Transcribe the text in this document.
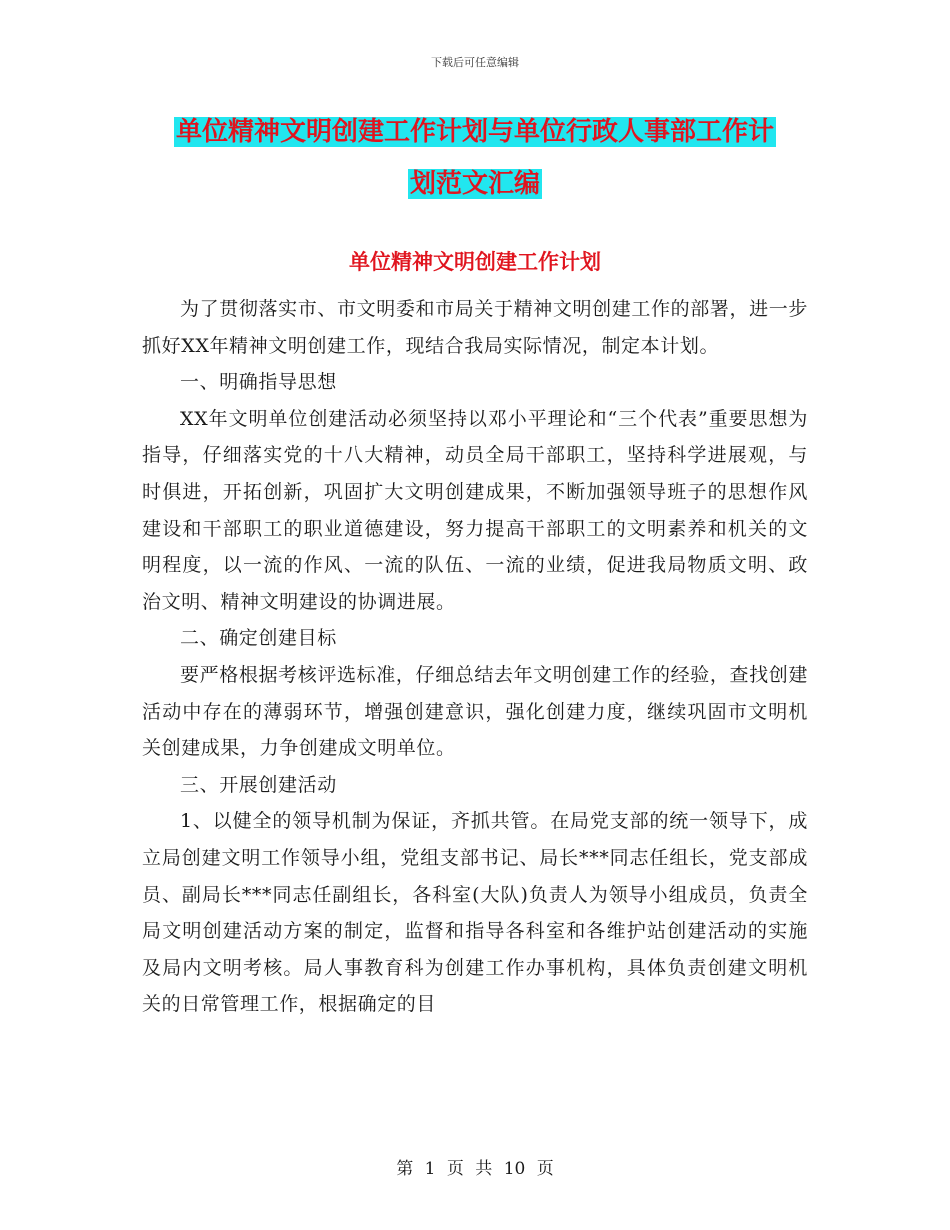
下载后可任意编辑
单位精神文明创建工作计划与单位行政人事部工作计
划范文汇编
单位精神文明创建工作计划

为了贯彻落实市、市文明委和市局关于精神文明创建工作的部署，进一步抓好XX年精神文明创建工作，现结合我局实际情况，制定本计划。

一、明确指导思想

XX年文明单位创建活动必须坚持以邓小平理论和“三个代表”重要思想为指导，仔细落实党的十八大精神，动员全局干部职工，坚持科学进展观，与时俱进，开拓创新，巩固扩大文明创建成果，不断加强领导班子的思想作风建设和干部职工的职业道德建设，努力提高干部职工的文明素养和机关的文明程度，以一流的作风、一流的队伍、一流的业绩，促进我局物质文明、政治文明、精神文明建设的协调进展。

二、确定创建目标

要严格根据考核评选标准，仔细总结去年文明创建工作的经验，查找创建活动中存在的薄弱环节，增强创建意识，强化创建力度，继续巩固市文明机关创建成果，力争创建成文明单位。

三、开展创建活动

1、以健全的领导机制为保证，齐抓共管。在局党支部的统一领导下，成立局创建文明工作领导小组，党组支部书记、局长***同志任组长，党支部成员、副局长***同志任副组长，各科室(大队)负责人为领导小组成员，负责全局文明创建活动方案的制定，监督和指导各科室和各维护站创建活动的实施及局内文明考核。局人事教育科为创建工作办事机构，具体负责创建文明机关的日常管理工作，根据确定的目

第 1 页 共 10 页
